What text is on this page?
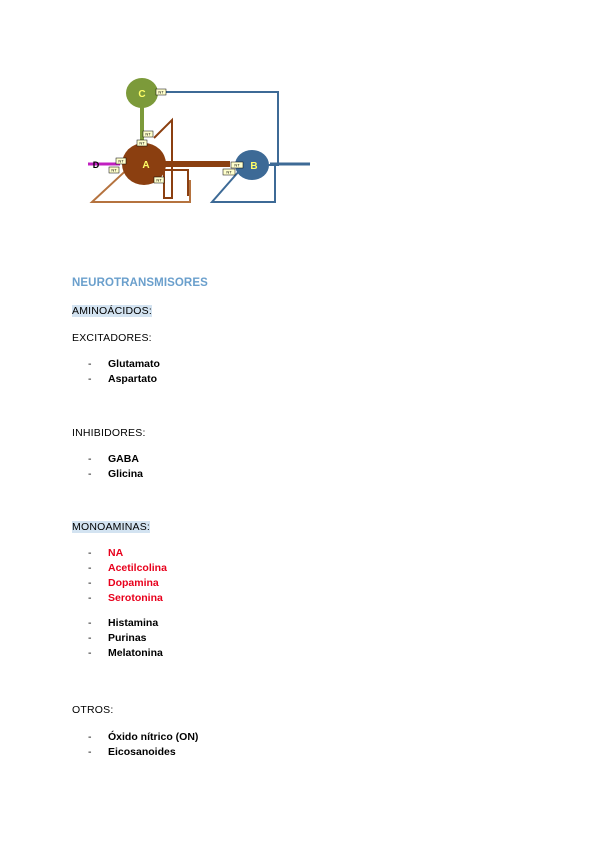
C
A	B
D
NT
NT
NT
NT
NT
NT
NT
NT
NEUROTRANSMISORES

AMINOÁCIDOS:

EXCITADORES:

- Glutamato
- Aspartato

INHIBIDORES:

- GABA
- Glicina

MONOAMINAS:

- NA
- Acetilcolina
- Dopamina
- Serotonina
- Histamina
- Purinas
- Melatonina

OTROS:

- Óxido nítrico (ON)
- Eicosanoides
